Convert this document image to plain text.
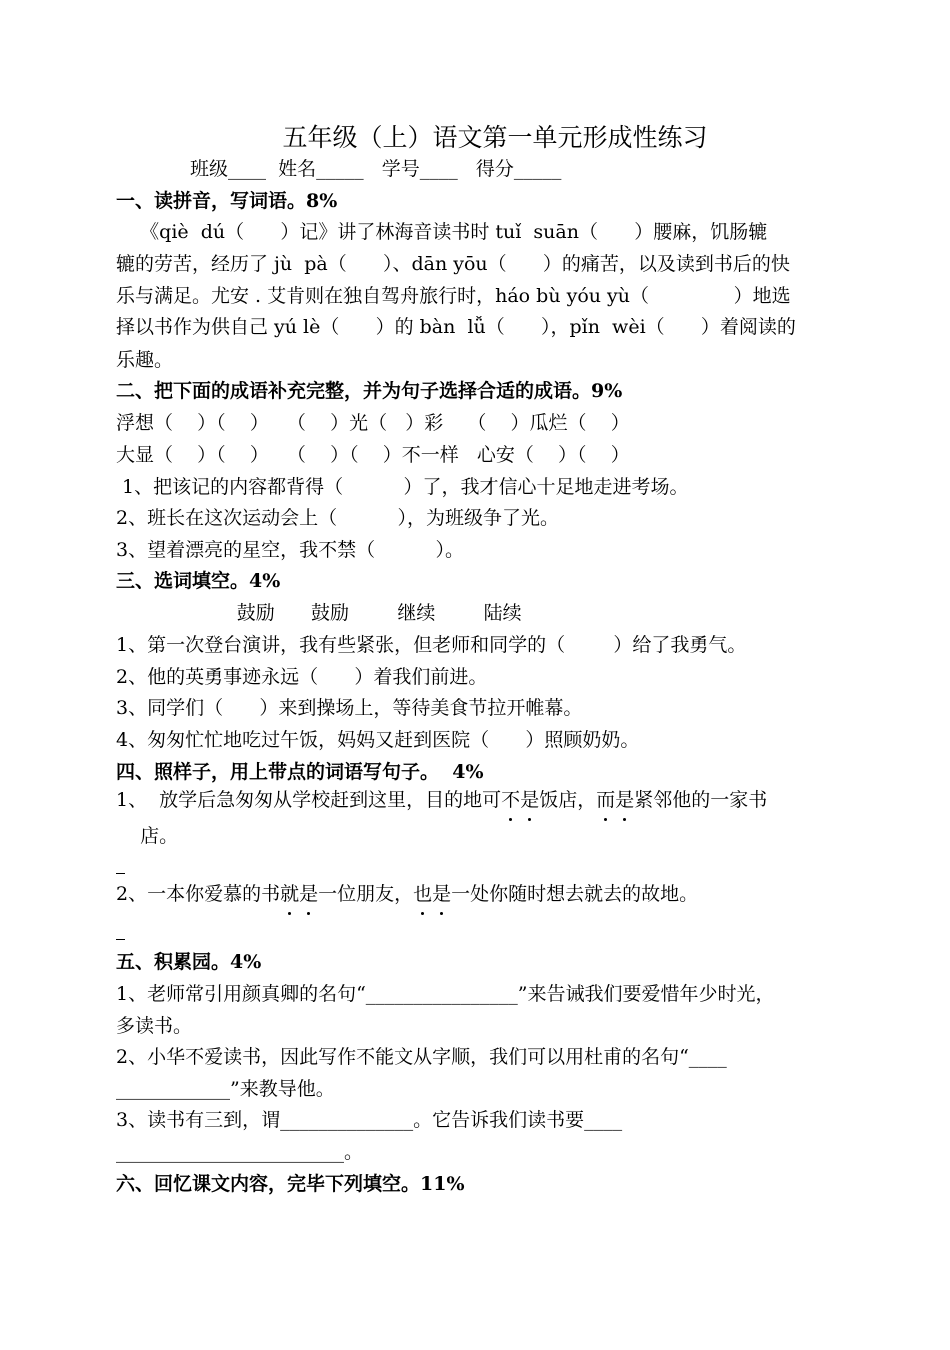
五年级（上）语文第一单元形成性练习
班级____  姓名_____   学号____   得分_____
一、读拼音，写词语。8%
《qiè  dú（      ）记》讲了林海音读书时 tuǐ  suān（      ）腰麻，饥肠辘
辘的劳苦，经历了 jù  pà（      ）、dān yōu（      ）的痛苦，以及读到书后的快
乐与满足。尤安 . 艾肯则在独自驾舟旅行时，háo bù yóu yù（              ）地选
择以书作为供自己 yú lè（      ）的 bàn  lǚ（      ），pǐn  wèi（      ）着阅读的
乐趣。
二、把下面的成语补充完整，并为句子选择合适的成语。9%
浮想（    ）（    ）   （    ）光（   ）彩    （    ）瓜烂（    ）
大显（    ）（    ）   （    ）（    ）不一样   心安（    ）（    ）
1、把该记的内容都背得（          ）了，我才信心十足地走进考场。
2、班长在这次运动会上（          ），为班级争了光。
3、望着漂亮的星空，我不禁（          ）。
三、选词填空。4%
鼓励      鼓励        继续        陆续
1、第一次登台演讲，我有些紧张，但老师和同学的（        ）给了我勇气。
2、他的英勇事迹永远（      ）着我们前进。
3、同学们（      ）来到操场上，等待美食节拉开帷幕。
4、匆匆忙忙地吃过午饭，妈妈又赶到医院（      ）照顾奶奶。
四、照样子，用上带点的词语写句子。  4%
1、  放学后急匆匆从学校赶到这里，目的地可不是饭店，而是紧邻他的一家书
店。
2、一本你爱慕的书就是一位朋友，也是一处你随时想去就去的故地。
五、积累园。4%
1、老师常引用颜真卿的名句“________________”来告诫我们要爱惜年少时光，
多读书。
2、小华不爱读书，因此写作不能文从字顺，我们可以用杜甫的名句“____
____________”来教导他。
3、读书有三到，谓______________。它告诉我们读书要____
________________________。
六、回忆课文内容，完毕下列填空。11%
